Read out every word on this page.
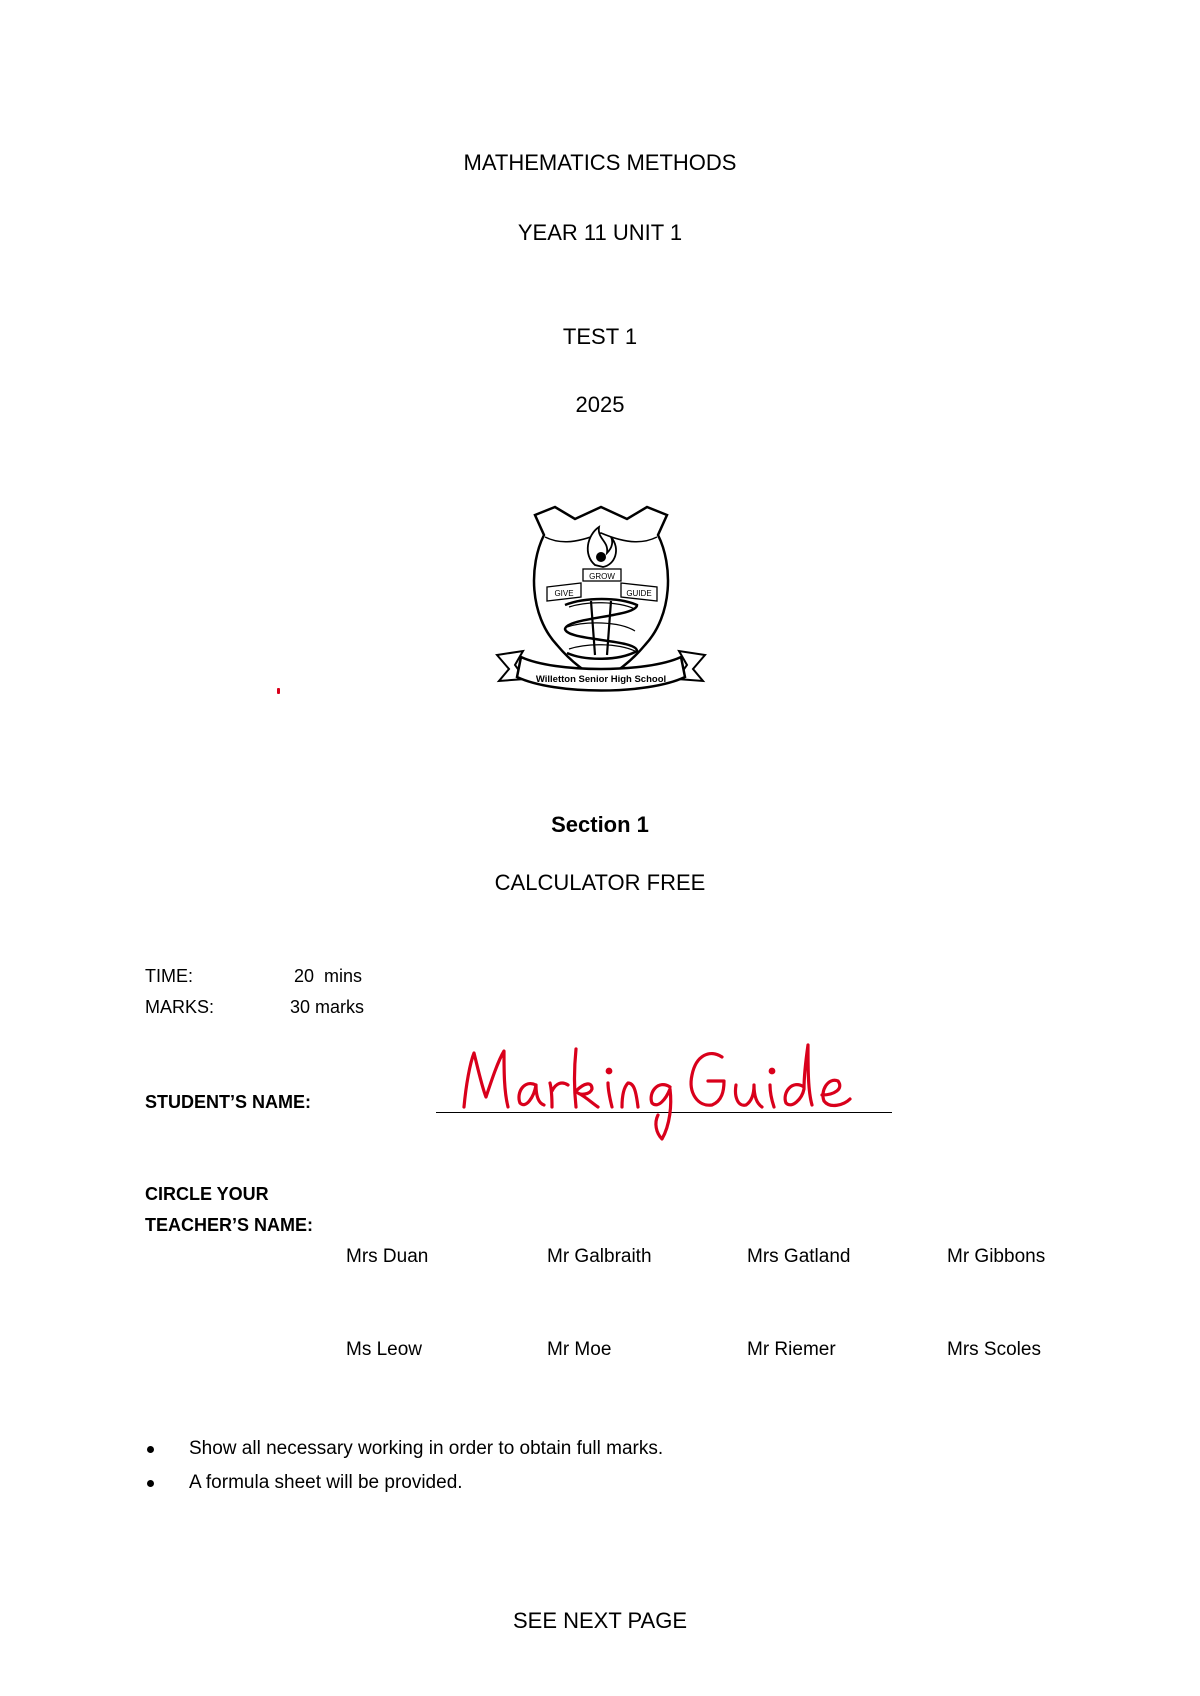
MATHEMATICS METHODS
YEAR 11 UNIT 1
TEST 1
2025
GROW
GIVE	GUIDE
Willetton Senior High School
Section 1
CALCULATOR FREE
TIME:	20  mins
MARKS:	30 marks
STUDENT’S NAME:
CIRCLE YOUR
TEACHER’S NAME:
Mrs Duan	Mr Galbraith	Mrs Gatland	Mr Gibbons
Ms Leow	Mr Moe	Mr Riemer	Mrs Scoles
Show all necessary working in order to obtain full marks.
A formula sheet will be provided.
SEE NEXT PAGE
